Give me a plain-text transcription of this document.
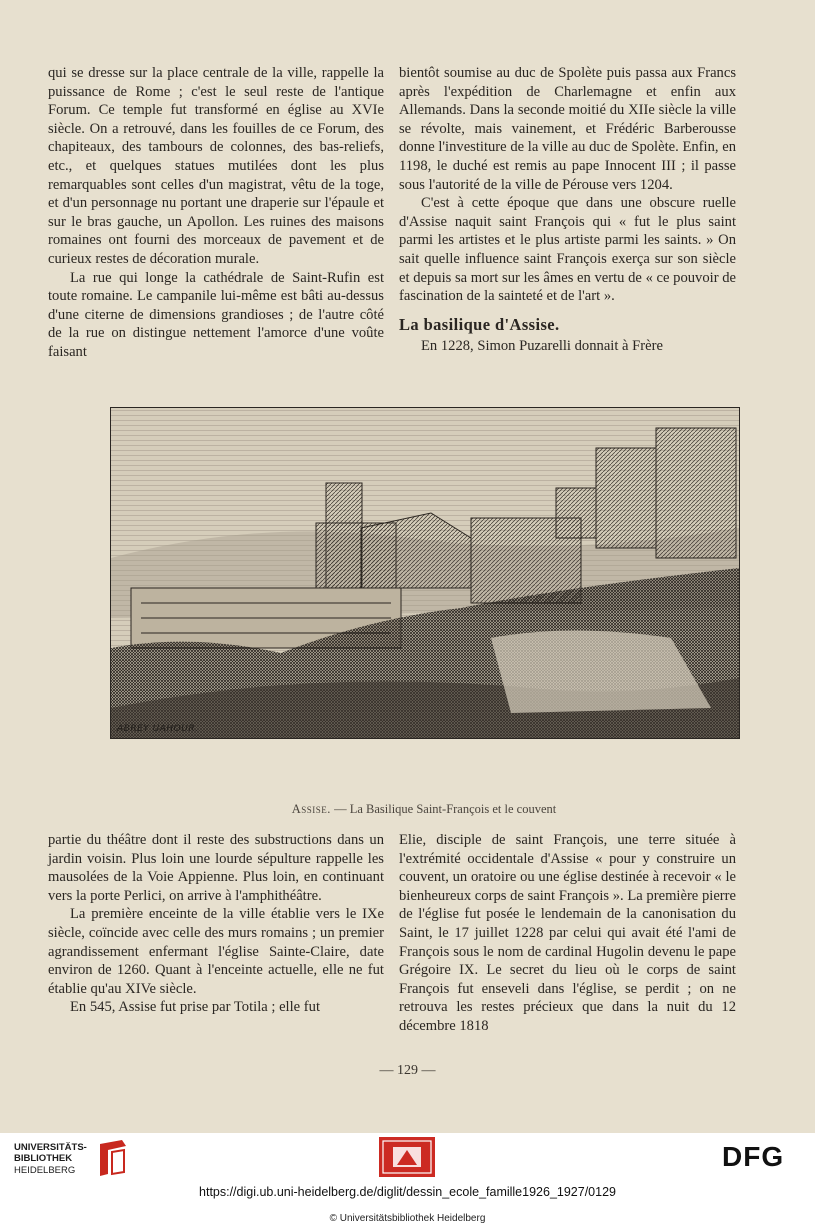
qui se dresse sur la place centrale de la ville, rappelle la puissance de Rome ; c'est le seul reste de l'antique Forum. Ce temple fut transformé en église au XVIe siècle. On a retrouvé, dans les fouilles de ce Forum, des chapiteaux, des tambours de colonnes, des bas-reliefs, etc., et quelques statues mutilées dont les plus remarquables sont celles d'un magistrat, vêtu de la toge, et d'un personnage nu portant une draperie sur l'épaule et sur le bras gauche, un Apollon. Les ruines des maisons romaines ont fourni des morceaux de pavement et de curieux restes de décoration murale.

La rue qui longe la cathédrale de Saint-Rufin est toute romaine. Le campanile lui-même est bâti au-dessus d'une citerne de dimensions grandioses ; de l'autre côté de la rue on distingue nettement l'amorce d'une voûte faisant

bientôt soumise au duc de Spolète puis passa aux Francs après l'expédition de Charlemagne et enfin aux Allemands. Dans la seconde moitié du XIIe siècle la ville se révolte, mais vainement, et Frédéric Barberousse donne l'investiture de la ville au duc de Spolète. Enfin, en 1198, le duché est remis au pape Innocent III ; il passe sous l'autorité de la ville de Pérouse vers 1204.

C'est à cette époque que dans une obscure ruelle d'Assise naquit saint François qui « fut le plus saint parmi les artistes et le plus artiste parmi les saints. » On sait quelle influence saint François exerça sur son siècle et depuis sa mort sur les âmes en vertu de « ce pouvoir de fascination de la sainteté et de l'art ».

La basilique d'Assise.

En 1228, Simon Puzarelli donnait à Frère

ABREY UAHOUR.
Assise. — La Basilique Saint-François et le couvent

partie du théâtre dont il reste des substructions dans un jardin voisin. Plus loin une lourde sépulture rappelle les mausolées de la Voie Appienne. Plus loin, en continuant vers la porte Perlici, on arrive à l'amphithéâtre.

La première enceinte de la ville établie vers le IXe siècle, coïncide avec celle des murs romains ; un premier agrandissement enfermant l'église Sainte-Claire, date environ de 1260. Quant à l'enceinte actuelle, elle ne fut établie qu'au XIVe siècle.

En 545, Assise fut prise par Totila ; elle fut

Elie, disciple de saint François, une terre située à l'extrémité occidentale d'Assise « pour y construire un couvent, un oratoire ou une église destinée à recevoir « le bienheureux corps de saint François ». La première pierre de l'église fut posée le lendemain de la canonisation du Saint, le 17 juillet 1228 par celui qui avait été l'ami de François sous le nom de cardinal Hugolin devenu le pape Grégoire IX. Le secret du lieu où le corps de saint François fut enseveli dans l'église, se perdit ; on ne retrouva les restes précieux que dans la nuit du 12 décembre 1818

— 129 —
UNIVERSITÄTS-
BIBLIOTHEK
HEIDELBERG	DFG
https://digi.ub.uni-heidelberg.de/diglit/dessin_ecole_famille1926_1927/0129
© Universitätsbibliothek Heidelberg
